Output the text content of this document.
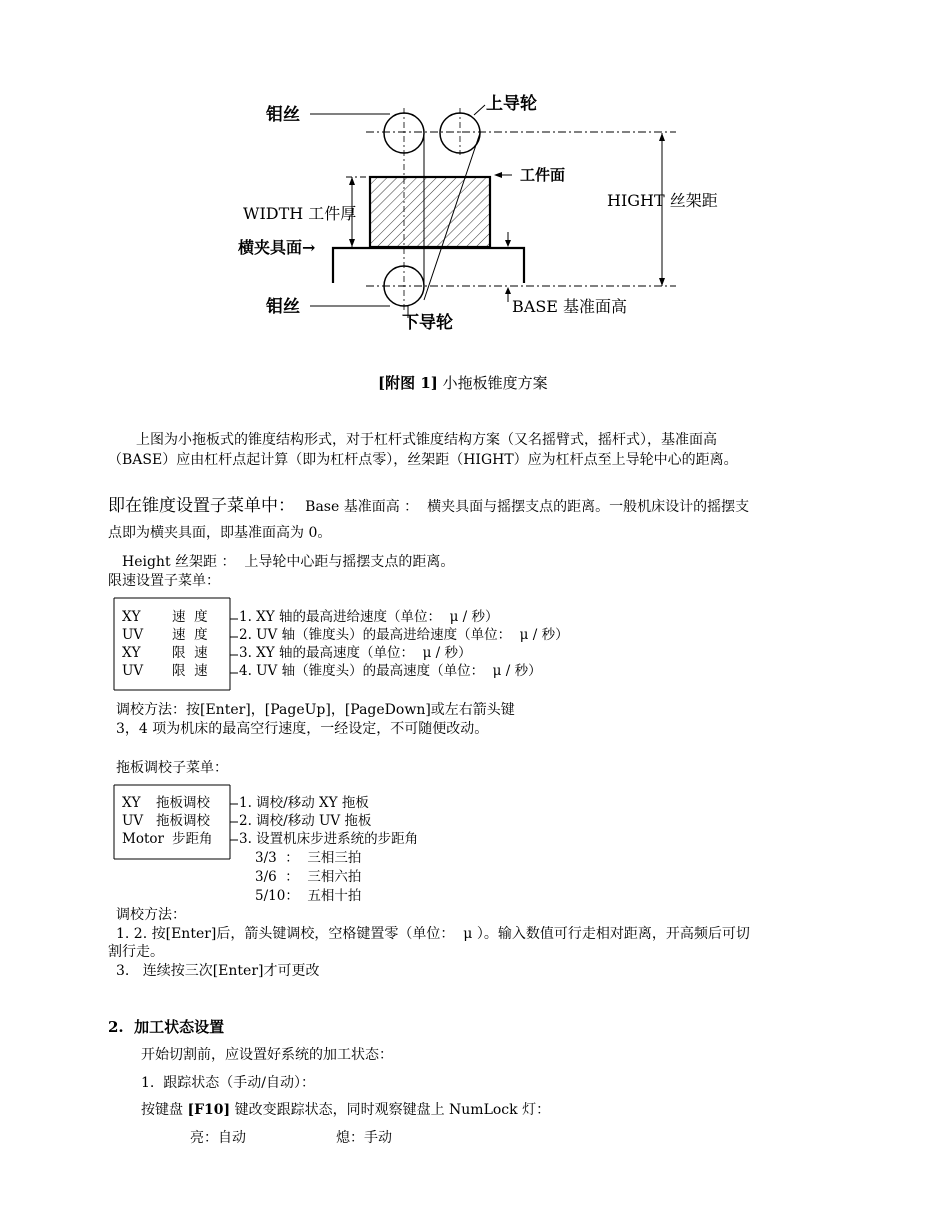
钼丝
上导轮
工件面
WIDTH 工件厚
HIGHT 丝架距
横夹具面→
钼丝
下导轮
BASE 基准面高
[附图 1] 小拖板锥度方案
上图为小拖板式的锥度结构形式，对于杠杆式锥度结构方案（又名摇臂式，摇杆式），基准面高
（BASE）应由杠杆点起计算（即为杠杆点零），丝架距（HIGHT）应为杠杆点至上导轮中心的距离。
即在锥度设置子菜单中： Base 基准面高 ：  横夹具面与摇摆支点的距离。一般机床设计的摇摆支
点即为横夹具面，即基准面高为 0。
Height 丝架距 ：  上导轮中心距与摇摆支点的距离。
限速设置子菜单：
XY 速  度 1. XY 轴的最高进给速度（单位：  μ / 秒）
UV 速  度 2. UV 轴（锥度头）的最高进给速度（单位：  μ / 秒）
XY 限  速 3. XY 轴的最高速度（单位：  μ / 秒）
UV 限  速 4. UV 轴（锥度头）的最高速度（单位：  μ / 秒）
调校方法：按[Enter]，[PageUp]，[PageDown]或左右箭头键
3，4 项为机床的最高空行速度，一经设定，不可随便改动。
拖板调校子菜单：
XY 拖板调校 1. 调校/移动 XY 拖板
UV 拖板调校 2. 调校/移动 UV 拖板
Motor 步距角 3. 设置机床步进系统的步距角
3/3  ：  三相三拍
3/6  ：  三相六拍
5/10：  五相十拍
调校方法：
1. 2. 按[Enter]后，箭头键调校，空格键置零（单位：  μ ）。输入数值可行走相对距离，开高频后可切
割行走。
3.   连续按三次[Enter]才可更改
2.  加工状态设置
开始切割前，应设置好系统的加工状态：
1.  跟踪状态（手动/自动）：
按键盘 [F10] 键改变跟踪状态，同时观察键盘上 NumLock 灯：
亮：自动	熄：手动
